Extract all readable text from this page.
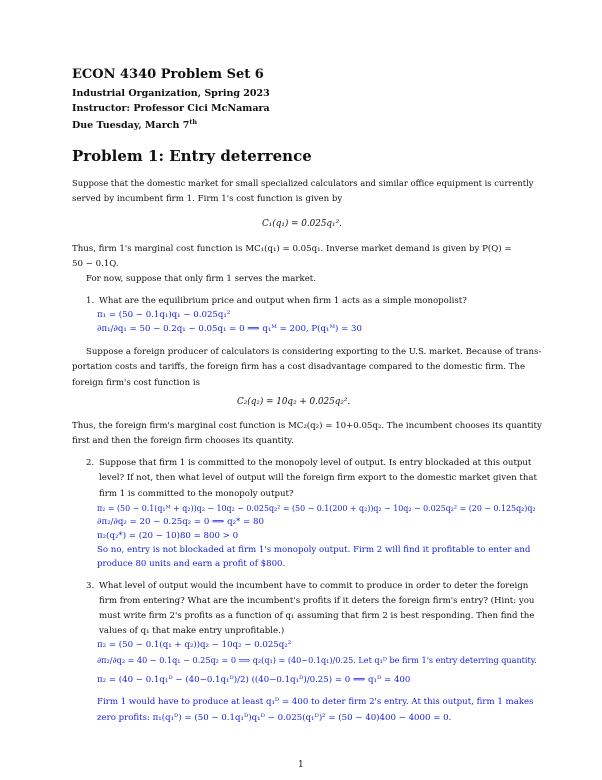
ECON 4340 Problem Set 6
Industrial Organization, Spring 2023
Instructor: Professor Cici McNamara
Due Tuesday, March 7th
Problem 1: Entry deterrence
Suppose that the domestic market for small specialized calculators and similar office equipment is currently
served by incumbent firm 1. Firm 1's cost function is given by
C₁(q₁) = 0.025q₁².
Thus, firm 1's marginal cost function is MC₁(q₁) = 0.05q₁. Inverse market demand is given by P(Q) =
50 − 0.1Q.
For now, suppose that only firm 1 serves the market.
1. What are the equilibrium price and output when firm 1 acts as a simple monopolist?
π₁ = (50 − 0.1q₁)q₁ − 0.025q₁²
∂π₁/∂q₁ = 50 − 0.2q₁ − 0.05q₁ = 0 ⟹ q₁ᴹ = 200, P(q₁ᴹ) = 30
Suppose a foreign producer of calculators is considering exporting to the U.S. market. Because of trans-
portation costs and tariffs, the foreign firm has a cost disadvantage compared to the domestic firm. The
foreign firm's cost function is
C₂(q₂) = 10q₂ + 0.025q₂².
Thus, the foreign firm's marginal cost function is MC₂(q₂) = 10+0.05q₂. The incumbent chooses its quantity
first and then the foreign firm chooses its quantity.
2. Suppose that firm 1 is committed to the monopoly level of output. Is entry blockaded at this output
level? If not, then what level of output will the foreign firm export to the domestic market given that
firm 1 is committed to the monopoly output?
π₂ = (50 − 0.1(q₁ᴹ + q₂))q₂ − 10q₂ − 0.025q₂² = (50 − 0.1(200 + q₂))q₂ − 10q₂ − 0.025q₂² = (20 − 0.125q₂)q₂
∂π₂/∂q₂ = 20 − 0.25q₂ = 0 ⟹ q₂* = 80
π₂(q₂*) = (20 − 10)80 = 800 > 0
So no, entry is not blockaded at firm 1's monopoly output. Firm 2 will find it profitable to enter and
produce 80 units and earn a profit of $800.
3. What level of output would the incumbent have to commit to produce in order to deter the foreign
firm from entering? What are the incumbent's profits if it deters the foreign firm's entry? (Hint: you
must write firm 2's profits as a function of q₁ assuming that firm 2 is best responding. Then find the
values of q₁ that make entry unprofitable.)
π₂ = (50 − 0.1(q₁ + q₂))q₂ − 10q₂ − 0.025q₂²
∂π₂/∂q₂ = 40 − 0.1q₁ − 0.25q₂ = 0 ⟹ q₂(q₁) = (40−0.1q₁)/0.25. Let q₁ᴰ be firm 1's entry deterring quantity.
π₂ = (40 − 0.1q₁ᴰ − (40−0.1q₁ᴰ)/2) ((40−0.1q₁ᴰ)/0.25) = 0 ⟹ q₁ᴰ = 400
Firm 1 would have to produce at least q₁ᴰ = 400 to deter firm 2's entry. At this output, firm 1 makes
zero profits: π₁(q₁ᴰ) = (50 − 0.1q₁ᴰ)q₁ᴰ − 0.025(q₁ᴰ)² = (50 − 40)400 − 4000 = 0.
1
